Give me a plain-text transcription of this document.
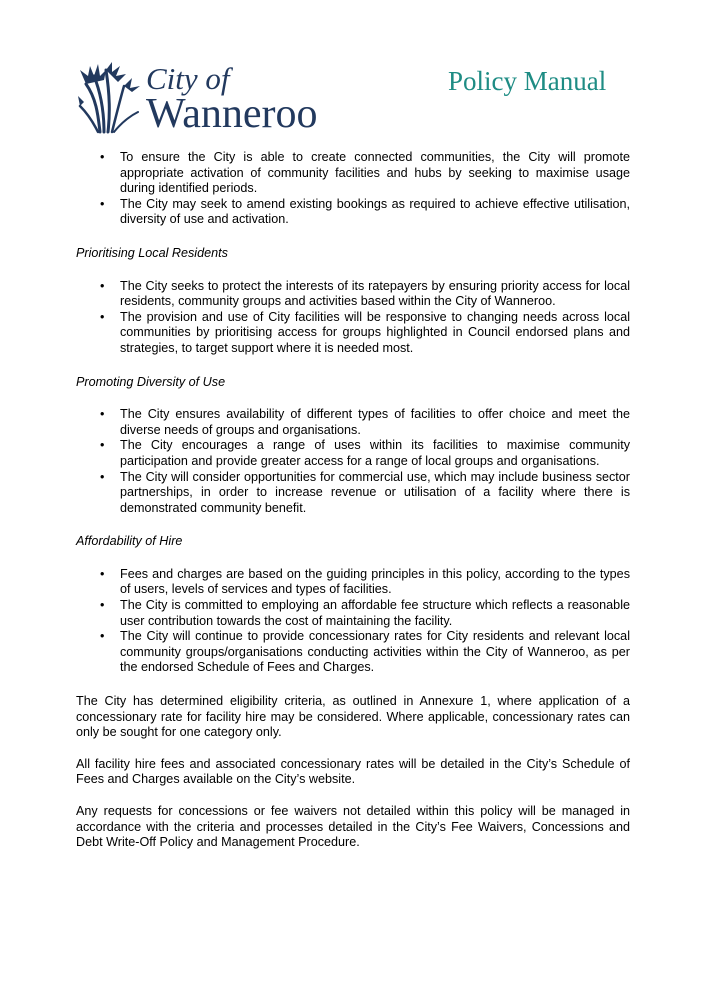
City of
Wanneroo
Policy Manual
• To ensure the City is able to create connected communities, the City will promote appropriate activation of community facilities and hubs by seeking to maximise usage during identified periods.
• The City may seek to amend existing bookings as required to achieve effective utilisation, diversity of use and activation.
Prioritising Local Residents
• The City seeks to protect the interests of its ratepayers by ensuring priority access for local residents, community groups and activities based within the City of Wanneroo.
• The provision and use of City facilities will be responsive to changing needs across local communities by prioritising access for groups highlighted in Council endorsed plans and strategies, to target support where it is needed most.
Promoting Diversity of Use
• The City ensures availability of different types of facilities to offer choice and meet the diverse needs of groups and organisations.
• The City encourages a range of uses within its facilities to maximise community participation and provide greater access for a range of local groups and organisations.
• The City will consider opportunities for commercial use, which may include business sector partnerships, in order to increase revenue or utilisation of a facility where there is demonstrated community benefit.
Affordability of Hire
• Fees and charges are based on the guiding principles in this policy, according to the types of users, levels of services and types of facilities.
• The City is committed to employing an affordable fee structure which reflects a reasonable user contribution towards the cost of maintaining the facility.
• The City will continue to provide concessionary rates for City residents and relevant local community groups/organisations conducting activities within the City of Wanneroo, as per the endorsed Schedule of Fees and Charges.

The City has determined eligibility criteria, as outlined in Annexure 1, where application of a concessionary rate for facility hire may be considered. Where applicable, concessionary rates can only be sought for one category only.

All facility hire fees and associated concessionary rates will be detailed in the City’s Schedule of Fees and Charges available on the City’s website.

Any requests for concessions or fee waivers not detailed within this policy will be managed in accordance with the criteria and processes detailed in the City’s Fee Waivers, Concessions and Debt Write-Off Policy and Management Procedure.
